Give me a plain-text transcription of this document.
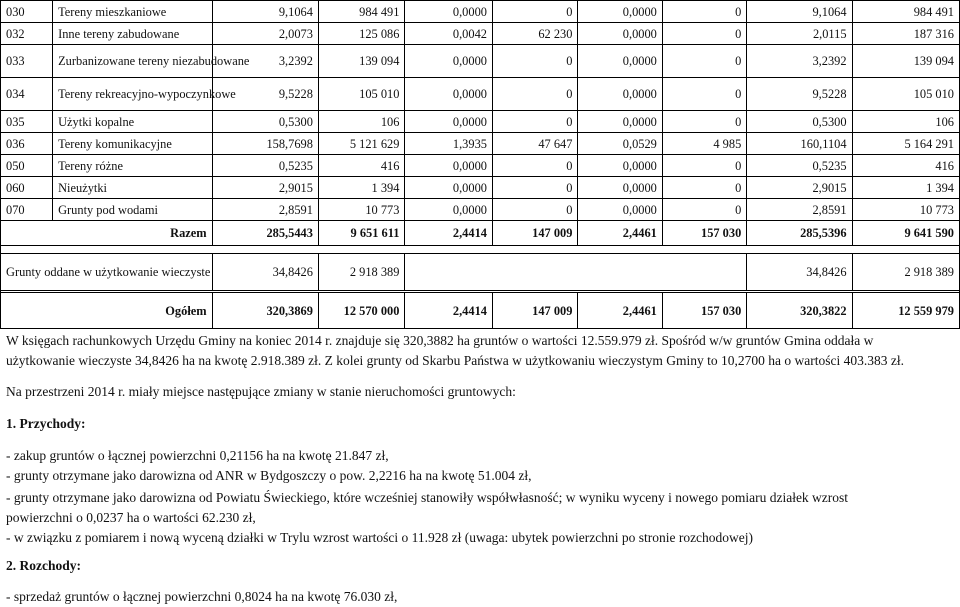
030	Tereny mieszkaniowe	9,1064	984 491	0,0000	0	0,0000	0	9,1064	984 491
032	Inne tereny zabudowane	2,0073	125 086	0,0042	62 230	0,0000	0	2,0115	187 316
033	Zurbanizowane tereny niezabudowane	3,2392	139 094	0,0000	0	0,0000	0	3,2392	139 094
034	Tereny rekreacyjno-wypoczynkowe	9,5228	105 010	0,0000	0	0,0000	0	9,5228	105 010
035	Użytki kopalne	0,5300	106	0,0000	0	0,0000	0	0,5300	106
036	Tereny komunikacyjne	158,7698	5 121 629	1,3935	47 647	0,0529	4 985	160,1104	5 164 291
050	Tereny różne	0,5235	416	0,0000	0	0,0000	0	0,5235	416
060	Nieużytki	2,9015	1 394	0,0000	0	0,0000	0	2,9015	1 394
070	Grunty pod wodami	2,8591	10 773	0,0000	0	0,0000	0	2,8591	10 773
Razem		285,5443	9 651 611	2,4414	147 009	2,4461	157 030	285,5396	9 641 590

Grunty oddane w użytkowanie wieczyste		34,8426	2 918 389					34,8426	2 918 389

Ogółem		320,3869	12 570 000	2,4414	147 009	2,4461	157 030	320,3822	12 559 979

W księgach rachunkowych Urzędu Gminy na koniec 2014 r. znajduje się 320,3882 ha gruntów o wartości 12.559.979 zł. Spośród w/w gruntów Gmina oddała w

użytkowanie wieczyste 34,8426 ha na kwotę 2.918.389 zł. Z kolei grunty od Skarbu Państwa w użytkowaniu wieczystym Gminy to 10,2700 ha o wartości 403.383 zł.

Na przestrzeni 2014 r. miały miejsce następujące zmiany w stanie nieruchomości gruntowych:

1. Przychody:

- zakup gruntów o łącznej powierzchni 0,21156 ha na kwotę 21.847 zł,

- grunty otrzymane jako darowizna od ANR w Bydgoszczy o pow. 2,2216 ha na kwotę 51.004 zł,

- grunty otrzymane jako darowizna od Powiatu Świeckiego, które wcześniej stanowiły współwłasność; w wyniku wyceny i nowego pomiaru działek wzrost

powierzchni o 0,0237 ha o wartości 62.230 zł,

- w związku z pomiarem i nową wyceną działki w Trylu wzrost wartości o 11.928 zł (uwaga: ubytek powierzchni po stronie rozchodowej)

2. Rozchody:

- sprzedaż gruntów o łącznej powierzchni 0,8024 ha na kwotę 76.030 zł,
